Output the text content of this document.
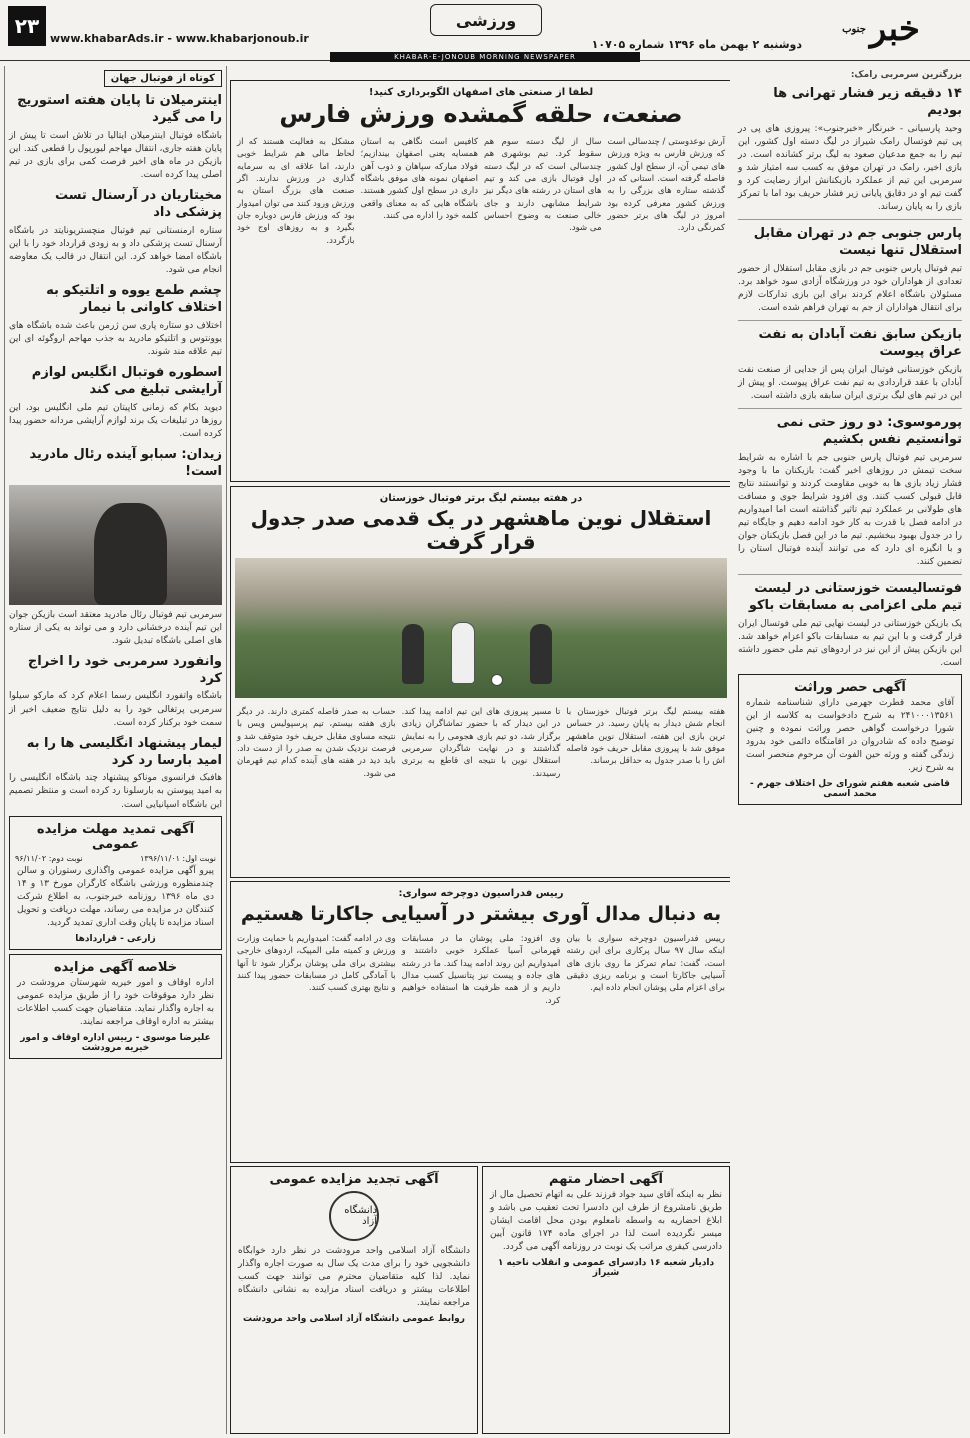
خبر
جنوب
دوشنبه ۲ بهمن ماه ۱۳۹۶ شماره ۱۰۷۰۵
ورزشی
۲۳
www.khabarAds.ir - www.khabarjonoub.ir
KHABAR-E-JONOUB MORNING NEWSPAPER
بزرگترین سرمربی رامک:
۱۴ دقیقه زیر فشار تهرانی ها بودیم

وحید پارسیانی - خبرنگار «خبرجنوب»: پیروزی های پی در پی تیم فوتسال رامک شیراز در لیگ دسته اول کشور، این تیم را به جمع مدعیان صعود به لیگ برتر کشانده است. در بازی اخیر، رامک در تهران موفق به کسب سه امتیاز شد و سرمربی این تیم از عملکرد بازیکنانش ابراز رضایت کرد و گفت تیم او در دقایق پایانی زیر فشار حریف بود اما با تمرکز بازی را به پایان رساند.

پارس جنوبی جم در تهران مقابل استقلال تنها نیست

تیم فوتبال پارس جنوبی جم در بازی مقابل استقلال از حضور تعدادی از هواداران خود در ورزشگاه آزادی سود خواهد برد. مسئولان باشگاه اعلام کردند برای این بازی تدارکات لازم برای انتقال هواداران از جم به تهران فراهم شده است.

بازیکن سابق نفت آبادان به نفت عراق پیوست

بازیکن خوزستانی فوتبال ایران پس از جدایی از صنعت نفت آبادان با عقد قراردادی به تیم نفت عراق پیوست. او پیش از این در تیم های لیگ برتری ایران سابقه بازی داشته است.

پورموسوی: دو روز حتی نمی توانستیم نفس بکشیم

سرمربی تیم فوتبال پارس جنوبی جم با اشاره به شرایط سخت تیمش در روزهای اخیر گفت: بازیکنان ما با وجود فشار زیاد بازی ها به خوبی مقاومت کردند و توانستند نتایج قابل قبولی کسب کنند. وی افزود شرایط جوی و مسافت های طولانی بر عملکرد تیم تاثیر گذاشته است اما امیدواریم در ادامه فصل با قدرت به کار خود ادامه دهیم و جایگاه تیم را در جدول بهبود ببخشیم. تیم ما در این فصل بازیکنان جوان و با انگیزه ای دارد که می توانند آینده فوتبال استان را تضمین کنند.

فوتسالیست خوزستانی در لیست تیم ملی اعزامی به مسابقات باکو

یک بازیکن خوزستانی در لیست نهایی تیم ملی فوتسال ایران قرار گرفت و با این تیم به مسابقات باکو اعزام خواهد شد. این بازیکن پیش از این نیز در اردوهای تیم ملی حضور داشته است.

آگهی حصر وراثت

آقای محمد قطرت جهرمی دارای شناسنامه شماره ۲۴۱۰۰۰۱۳۵۶۱ به شرح دادخواست به کلاسه از این شورا درخواست گواهی حصر وراثت نموده و چنین توضیح داده که شادروان در اقامتگاه دائمی خود بدرود زندگی گفته و ورثه حین الفوت آن مرحوم منحصر است به شرح زیر.

قاضی شعبه هفتم شورای حل اختلاف جهرم - محمد اسمی
لطفا از صنعتی های اصفهان الگوبرداری کنید!
صنعت، حلقه گمشده ورزش فارس
آرش نوعدوستی / چندسالی است که ورزش فارس به ویژه ورزش های تیمی آن، از سطح اول کشور فاصله گرفته است. استانی که در گذشته ستاره های بزرگی را به ورزش کشور معرفی کرده بود امروز در لیگ های برتر حضور کمرنگی دارد.
سال از لیگ دسته سوم هم سقوط کرد. تیم بوشهری هم چندسالی است که در لیگ دسته اول فوتبال بازی می کند و تیم های استان در رشته های دیگر نیز شرایط مشابهی دارند و جای خالی صنعت به وضوح احساس می شود.
کافیس است نگاهی به استان همسایه یعنی اصفهان بیندازیم؛ فولاد مبارکه سپاهان و ذوب آهن اصفهان نمونه های موفق باشگاه داری در سطح اول کشور هستند. باشگاه هایی که به معنای واقعی کلمه خود را اداره می کنند.
مشکل به فعالیت هستند که از لحاظ مالی هم شرایط خوبی دارند، اما علاقه ای به سرمایه گذاری در ورزش ندارند. اگر صنعت های بزرگ استان به ورزش ورود کنند می توان امیدوار بود که ورزش فارس دوباره جان بگیرد و به روزهای اوج خود بازگردد.
در هفته بیستم لیگ برتر فوتبال خوزستان
استقلال نوین ماهشهر در یک قدمی صدر جدول قرار گرفت
هفته بیستم لیگ برتر فوتبال خوزستان با انجام شش دیدار به پایان رسید. در حساس ترین بازی این هفته، استقلال نوین ماهشهر موفق شد با پیروزی مقابل حریف خود فاصله اش را با صدر جدول به حداقل برساند.
تا مسیر پیروزی های این تیم ادامه پیدا کند. در این دیدار که با حضور تماشاگران زیادی برگزار شد، دو تیم بازی هجومی را به نمایش گذاشتند و در نهایت شاگردان سرمربی استقلال نوین با نتیجه ای قاطع به برتری رسیدند.
حساب به صدر فاصله کمتری دارند. در دیگر بازی هفته بیستم، تیم پرسپولیس ویس با نتیجه مساوی مقابل حریف خود متوقف شد و فرصت نزدیک شدن به صدر را از دست داد. باید دید در هفته های آینده کدام تیم قهرمان می شود.
رییس فدراسیون دوچرخه سواری:
به دنبال مدال آوری بیشتر در آسیایی جاکارتا هستیم
رییس فدراسیون دوچرخه سواری با بیان اینکه سال ۹۷ سال پرکاری برای این رشته است، گفت: تمام تمرکز ما روی بازی های آسیایی جاکارتا است و برنامه ریزی دقیقی برای اعزام ملی پوشان انجام داده ایم.
وی افزود: ملی پوشان ما در مسابقات قهرمانی آسیا عملکرد خوبی داشتند و امیدواریم این روند ادامه پیدا کند. ما در رشته های جاده و پیست نیز پتانسیل کسب مدال داریم و از همه ظرفیت ها استفاده خواهیم کرد.
وی در ادامه گفت: امیدواریم با حمایت وزارت ورزش و کمیته ملی المپیک، اردوهای خارجی بیشتری برای ملی پوشان برگزار شود تا آنها با آمادگی کامل در مسابقات حضور پیدا کنند و نتایج بهتری کسب کنند.
آگهی احضار متهم

نظر به اینکه آقای سید جواد فرزند علی به اتهام تحصیل مال از طریق نامشروع از طرف این دادسرا تحت تعقیب می باشد و ابلاغ احضاریه به واسطه نامعلوم بودن محل اقامت ایشان میسر نگردیده است لذا در اجرای ماده ۱۷۴ قانون آیین دادرسی کیفری مراتب یک نوبت در روزنامه آگهی می گردد.

دادیار شعبه ۱۶ دادسرای عمومی و انقلاب ناحیه ۱ شیراز
آگهی تجدید مزایده عمومی
دانشگاه آزاد

دانشگاه آزاد اسلامی واحد مرودشت در نظر دارد خوابگاه دانشجویی خود را برای مدت یک سال به صورت اجاره واگذار نماید. لذا کلیه متقاضیان محترم می توانند جهت کسب اطلاعات بیشتر و دریافت اسناد مزایده به نشانی دانشگاه مراجعه نمایند.

روابط عمومی دانشگاه آزاد اسلامی واحد مرودشت
کوتاه از فوتبال جهان
اینترمیلان تا پایان هفته استوریج را می گیرد

باشگاه فوتبال اینترمیلان ایتالیا در تلاش است تا پیش از پایان هفته جاری، انتقال مهاجم لیورپول را قطعی کند. این بازیکن در ماه های اخیر فرصت کمی برای بازی در تیم اصلی پیدا کرده است.

مخیتاریان در آرسنال تست پزشکی داد

ستاره ارمنستانی تیم فوتبال منچستریونایتد در باشگاه آرسنال تست پزشکی داد و به زودی قرارداد خود را با این باشگاه امضا خواهد کرد. این انتقال در قالب یک معاوضه انجام می شود.

چشم طمع یووه و اتلتیکو به اختلاف کاوانی با نیمار

اختلاف دو ستاره پاری سن ژرمن باعث شده باشگاه های یوونتوس و اتلتیکو مادرید به جذب مهاجم اروگوئه ای این تیم علاقه مند شوند.

اسطوره فوتبال انگلیس لوازم آرایشی تبلیغ می کند

دیوید بکام که زمانی کاپیتان تیم ملی انگلیس بود، این روزها در تبلیغات یک برند لوازم آرایشی مردانه حضور پیدا کرده است.

زیدان: سبابو آینده رئال مادرید است!

سرمربی تیم فوتبال رئال مادرید معتقد است بازیکن جوان این تیم آینده درخشانی دارد و می تواند به یکی از ستاره های اصلی باشگاه تبدیل شود.

وانفورد سرمربی خود را اخراج کرد

باشگاه واتفورد انگلیس رسما اعلام کرد که مارکو سیلوا سرمربی پرتغالی خود را به دلیل نتایج ضعیف اخیر از سمت خود برکنار کرده است.

لیمار پیشنهاد انگلیسی ها را به امید بارسا رد کرد

هافبک فرانسوی موناکو پیشنهاد چند باشگاه انگلیسی را به امید پیوستن به بارسلونا رد کرده است و منتظر تصمیم این باشگاه اسپانیایی است.

آگهی تمدید مهلت مزایده عمومی
نوبت اول: ۱۳۹۶/۱۱/۰۱
نوبت دوم: ۹۶/۱۱/۰۲

پیرو آگهی مزایده عمومی واگذاری رستوران و سالن چندمنظوره ورزشی باشگاه کارگران مورخ ۱۳ و ۱۴ دی ماه ۱۳۹۶ روزنامه خبرجنوب، به اطلاع شرکت کنندگان در مزایده می رساند، مهلت دریافت و تحویل اسناد مزایده تا پایان وقت اداری تمدید گردید.

زارعی - قراردادها
خلاصه آگهی مزایده

اداره اوقاف و امور خیریه شهرستان مرودشت در نظر دارد موقوفات خود را از طریق مزایده عمومی به اجاره واگذار نماید. متقاضیان جهت کسب اطلاعات بیشتر به اداره اوقاف مراجعه نمایند.

علیرضا موسوی - رییس اداره اوقاف و امور خیریه مرودشت
